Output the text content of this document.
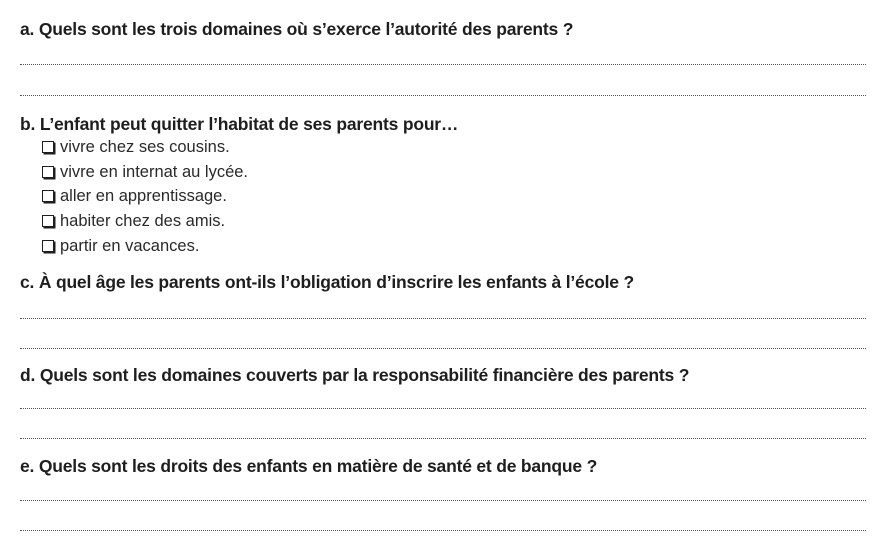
a. Quels sont les trois domaines où s’exerce l’autorité des parents ?
b. L’enfant peut quitter l’habitat de ses parents pour…
vivre chez ses cousins.
vivre en internat au lycée.
aller en apprentissage.
habiter chez des amis.
partir en vacances.
c. À quel âge les parents ont-ils l’obligation d’inscrire les enfants à l’école ?
d. Quels sont les domaines couverts par la responsabilité financière des parents ?
e. Quels sont les droits des enfants en matière de santé et de banque ?
